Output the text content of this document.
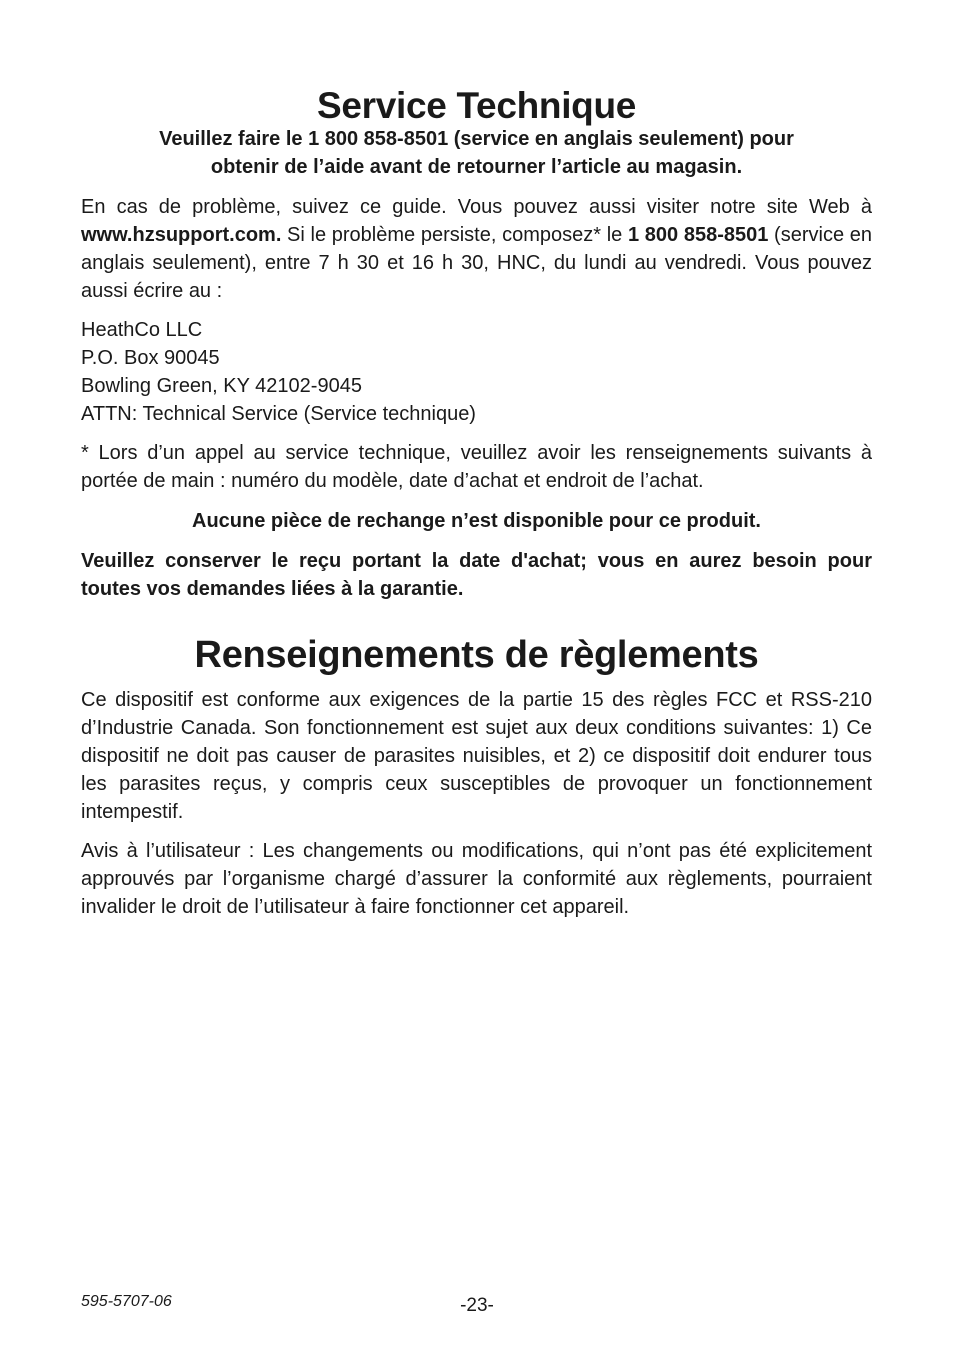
Service Technique
Veuillez faire le 1 800 858-8501 (service en anglais seulement) pour
obtenir de l’aide avant de retourner l’article au magasin.

En cas de problème, suivez ce guide. Vous pouvez aussi visiter notre site Web à www.hzsupport.com. Si le problème persiste, composez* le 1 800 858-8501 (service en anglais seulement), entre 7 h 30 et 16 h 30, HNC, du lundi au vendredi. Vous pouvez aussi écrire au :

HeathCo LLC
P.O. Box 90045
Bowling Green, KY 42102-9045
ATTN: Technical Service (Service technique)

* Lors d’un appel au service technique, veuillez avoir les renseignements suivants à portée de main : numéro du modèle, date d’achat et endroit de l’achat.

Aucune pièce de rechange n’est disponible pour ce produit.

Veuillez conserver le reçu portant la date d'achat; vous en aurez besoin pour toutes vos demandes liées à la garantie.

Renseignements de règlements

Ce dispositif est conforme aux exigences de la partie 15 des règles FCC et RSS-210 d’Industrie Canada. Son fonctionnement est sujet aux deux conditions suivantes: 1) Ce dispositif ne doit pas causer de parasites nuisibles, et 2) ce dispositif doit endurer tous les parasites reçus, y compris ceux susceptibles de provoquer un fonctionnement intempestif.

Avis à l’utilisateur : Les changements ou modifications, qui n’ont pas été explicitement approuvés par l’organisme chargé d’assurer la conformité aux règlements, pourraient invalider le droit de l’utilisateur à faire fonctionner cet appareil.

595-5707-06	-23-
